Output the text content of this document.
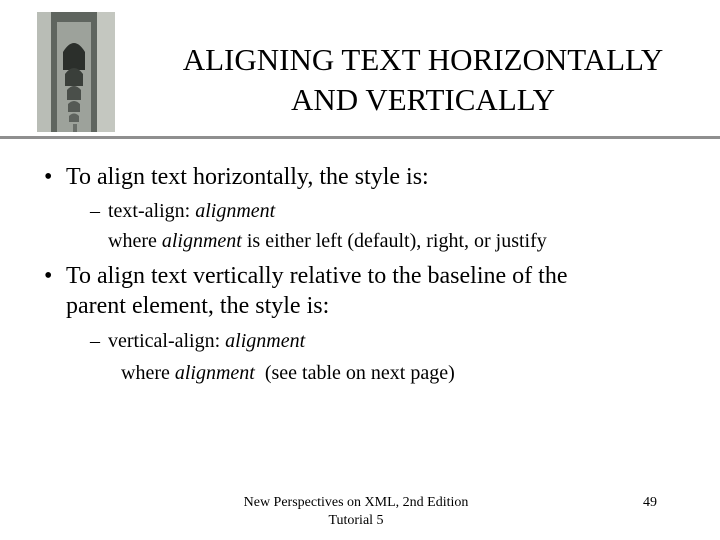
ALIGNING TEXT HORIZONTALLY
AND VERTICALLY
• To align text horizontally, the style is:
– text-align: alignment
where alignment is either left (default), right, or justify
• To align text vertically relative to the baseline of the
parent element, the style is:
– vertical-align: alignment
where alignment  (see table on next page)
New Perspectives on XML, 2nd Edition
Tutorial 5
49
